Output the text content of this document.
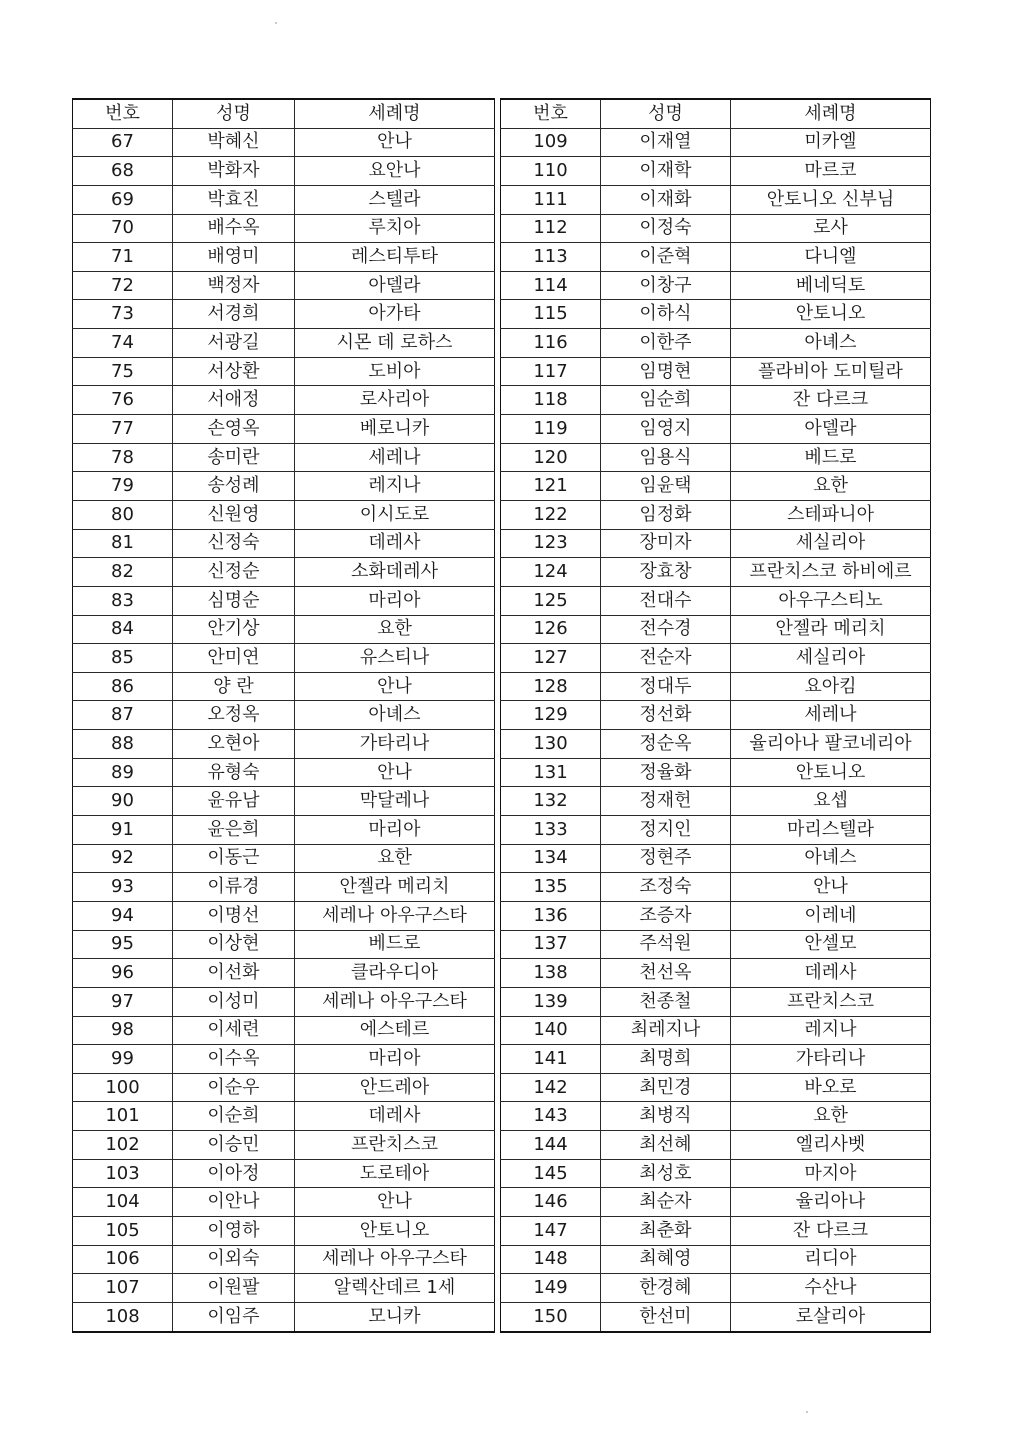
번호	성명	세례명
67	박혜신	안나
68	박화자	요안나
69	박효진	스텔라
70	배수옥	루치아
71	배영미	레스티투타
72	백정자	아델라
73	서경희	아가타
74	서광길	시몬 데 로하스
75	서상환	도비아
76	서애정	로사리아
77	손영옥	베로니카
78	송미란	세레나
79	송성례	레지나
80	신원영	이시도로
81	신정숙	데레사
82	신정순	소화데레사
83	심명순	마리아
84	안기상	요한
85	안미연	유스티나
86	양 란	안나
87	오정옥	아녜스
88	오현아	가타리나
89	유형숙	안나
90	윤유남	막달레나
91	윤은희	마리아
92	이동근	요한
93	이류경	안젤라 메리치
94	이명선	세레나 아우구스타
95	이상현	베드로
96	이선화	클라우디아
97	이성미	세레나 아우구스타
98	이세련	에스테르
99	이수옥	마리아
100	이순우	안드레아
101	이순희	데레사
102	이승민	프란치스코
103	이아정	도로테아
104	이안나	안나
105	이영하	안토니오
106	이외숙	세레나 아우구스타
107	이원팔	알렉산데르 1세
108	이임주	모니카
번호	성명	세례명
109	이재열	미카엘
110	이재학	마르코
111	이재화	안토니오 신부님
112	이정숙	로사
113	이준혁	다니엘
114	이창구	베네딕토
115	이하식	안토니오
116	이한주	아녜스
117	임명현	플라비아 도미틸라
118	임순희	잔 다르크
119	임영지	아델라
120	임용식	베드로
121	임윤택	요한
122	임정화	스테파니아
123	장미자	세실리아
124	장효창	프란치스코 하비에르
125	전대수	아우구스티노
126	전수경	안젤라 메리치
127	전순자	세실리아
128	정대두	요아킴
129	정선화	세레나
130	정순옥	율리아나 팔코네리아
131	정율화	안토니오
132	정재헌	요셉
133	정지인	마리스텔라
134	정현주	아녜스
135	조정숙	안나
136	조증자	이레네
137	주석원	안셀모
138	천선옥	데레사
139	천종철	프란치스코
140	최레지나	레지나
141	최명희	가타리나
142	최민경	바오로
143	최병직	요한
144	최선혜	엘리사벳
145	최성호	마지아
146	최순자	율리아나
147	최춘화	잔 다르크
148	최혜영	리디아
149	한경혜	수산나
150	한선미	로살리아
